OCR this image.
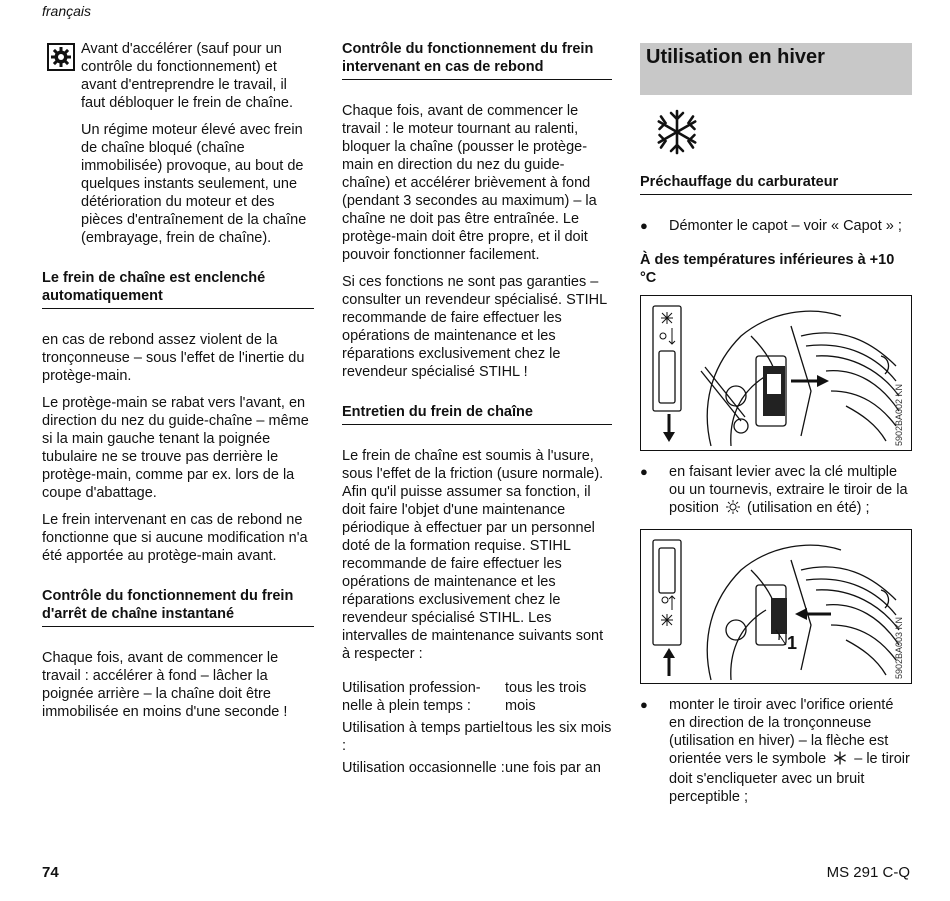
français

Avant d'accélérer (sauf pour un contrôle du fonctionnement) et avant d'entreprendre le travail, il faut débloquer le frein de chaîne.

Un régime moteur élevé avec frein de chaîne bloqué (chaîne immobilisée) provoque, au bout de quelques instants seulement, une détérioration du moteur et des pièces d'entraînement de la chaîne (embrayage, frein de chaîne).

Le frein de chaîne est enclenché automatiquement

en cas de rebond assez violent de la tronçonneuse – sous l'effet de l'inertie du protège-main.

Le protège-main se rabat vers l'avant, en direction du nez du guide-chaîne – même si la main gauche tenant la poignée tubulaire ne se trouve pas derrière le protège-main, comme par ex. lors de la coupe d'abattage.

Le frein intervenant en cas de rebond ne fonctionne que si aucune modification n'a été apportée au protège-main avant.

Contrôle du fonctionnement du frein d'arrêt de chaîne instantané

Chaque fois, avant de commencer le travail : accélérer à fond – lâcher la poignée arrière – la chaîne doit être immobilisée en moins d'une seconde !

Contrôle du fonctionnement du frein intervenant en cas de rebond

Chaque fois, avant de commencer le travail : le moteur tournant au ralenti, bloquer la chaîne (pousser le protège-main en direction du nez du guide-chaîne) et accélérer brièvement à fond (pendant 3 secondes au maximum) – la chaîne ne doit pas être entraînée. Le protège-main doit être propre, et il doit pouvoir fonctionner facilement.

Si ces fonctions ne sont pas garanties – consulter un revendeur spécialisé. STIHL recommande de faire effectuer les opérations de maintenance et les réparations exclusivement chez le revendeur spécialisé STIHL !

Entretien du frein de chaîne

Le frein de chaîne est soumis à l'usure, sous l'effet de la friction (usure normale). Afin qu'il puisse assumer sa fonction, il doit faire l'objet d'une maintenance périodique à effectuer par un personnel doté de la formation requise. STIHL recommande de faire effectuer les opérations de maintenance et les réparations exclusivement chez le revendeur spécialisé STIHL. Les intervalles de maintenance suivants sont à respecter :

Utilisation profession-nelle à plein temps :
tous les trois mois
Utilisation à temps partiel :
tous les six mois
Utilisation occasionnelle : une fois par an
Utilisation en hiver
Préchauffage du carburateur
● Démonter le capot – voir « Capot » ;
À des températures inférieures à +10 °C
5902BA002 KN
● en faisant levier avec la clé multiple ou un tournevis, extraire le tiroir de la position (utilisation en été) ;
1	5902BA003 KN
● monter le tiroir avec l'orifice orienté en direction de la tronçonneuse (utilisation en hiver) – la flèche est orientée vers le symbole – le tiroir doit s'encliqueter avec un bruit perceptible ;
74	MS 291 C-Q
